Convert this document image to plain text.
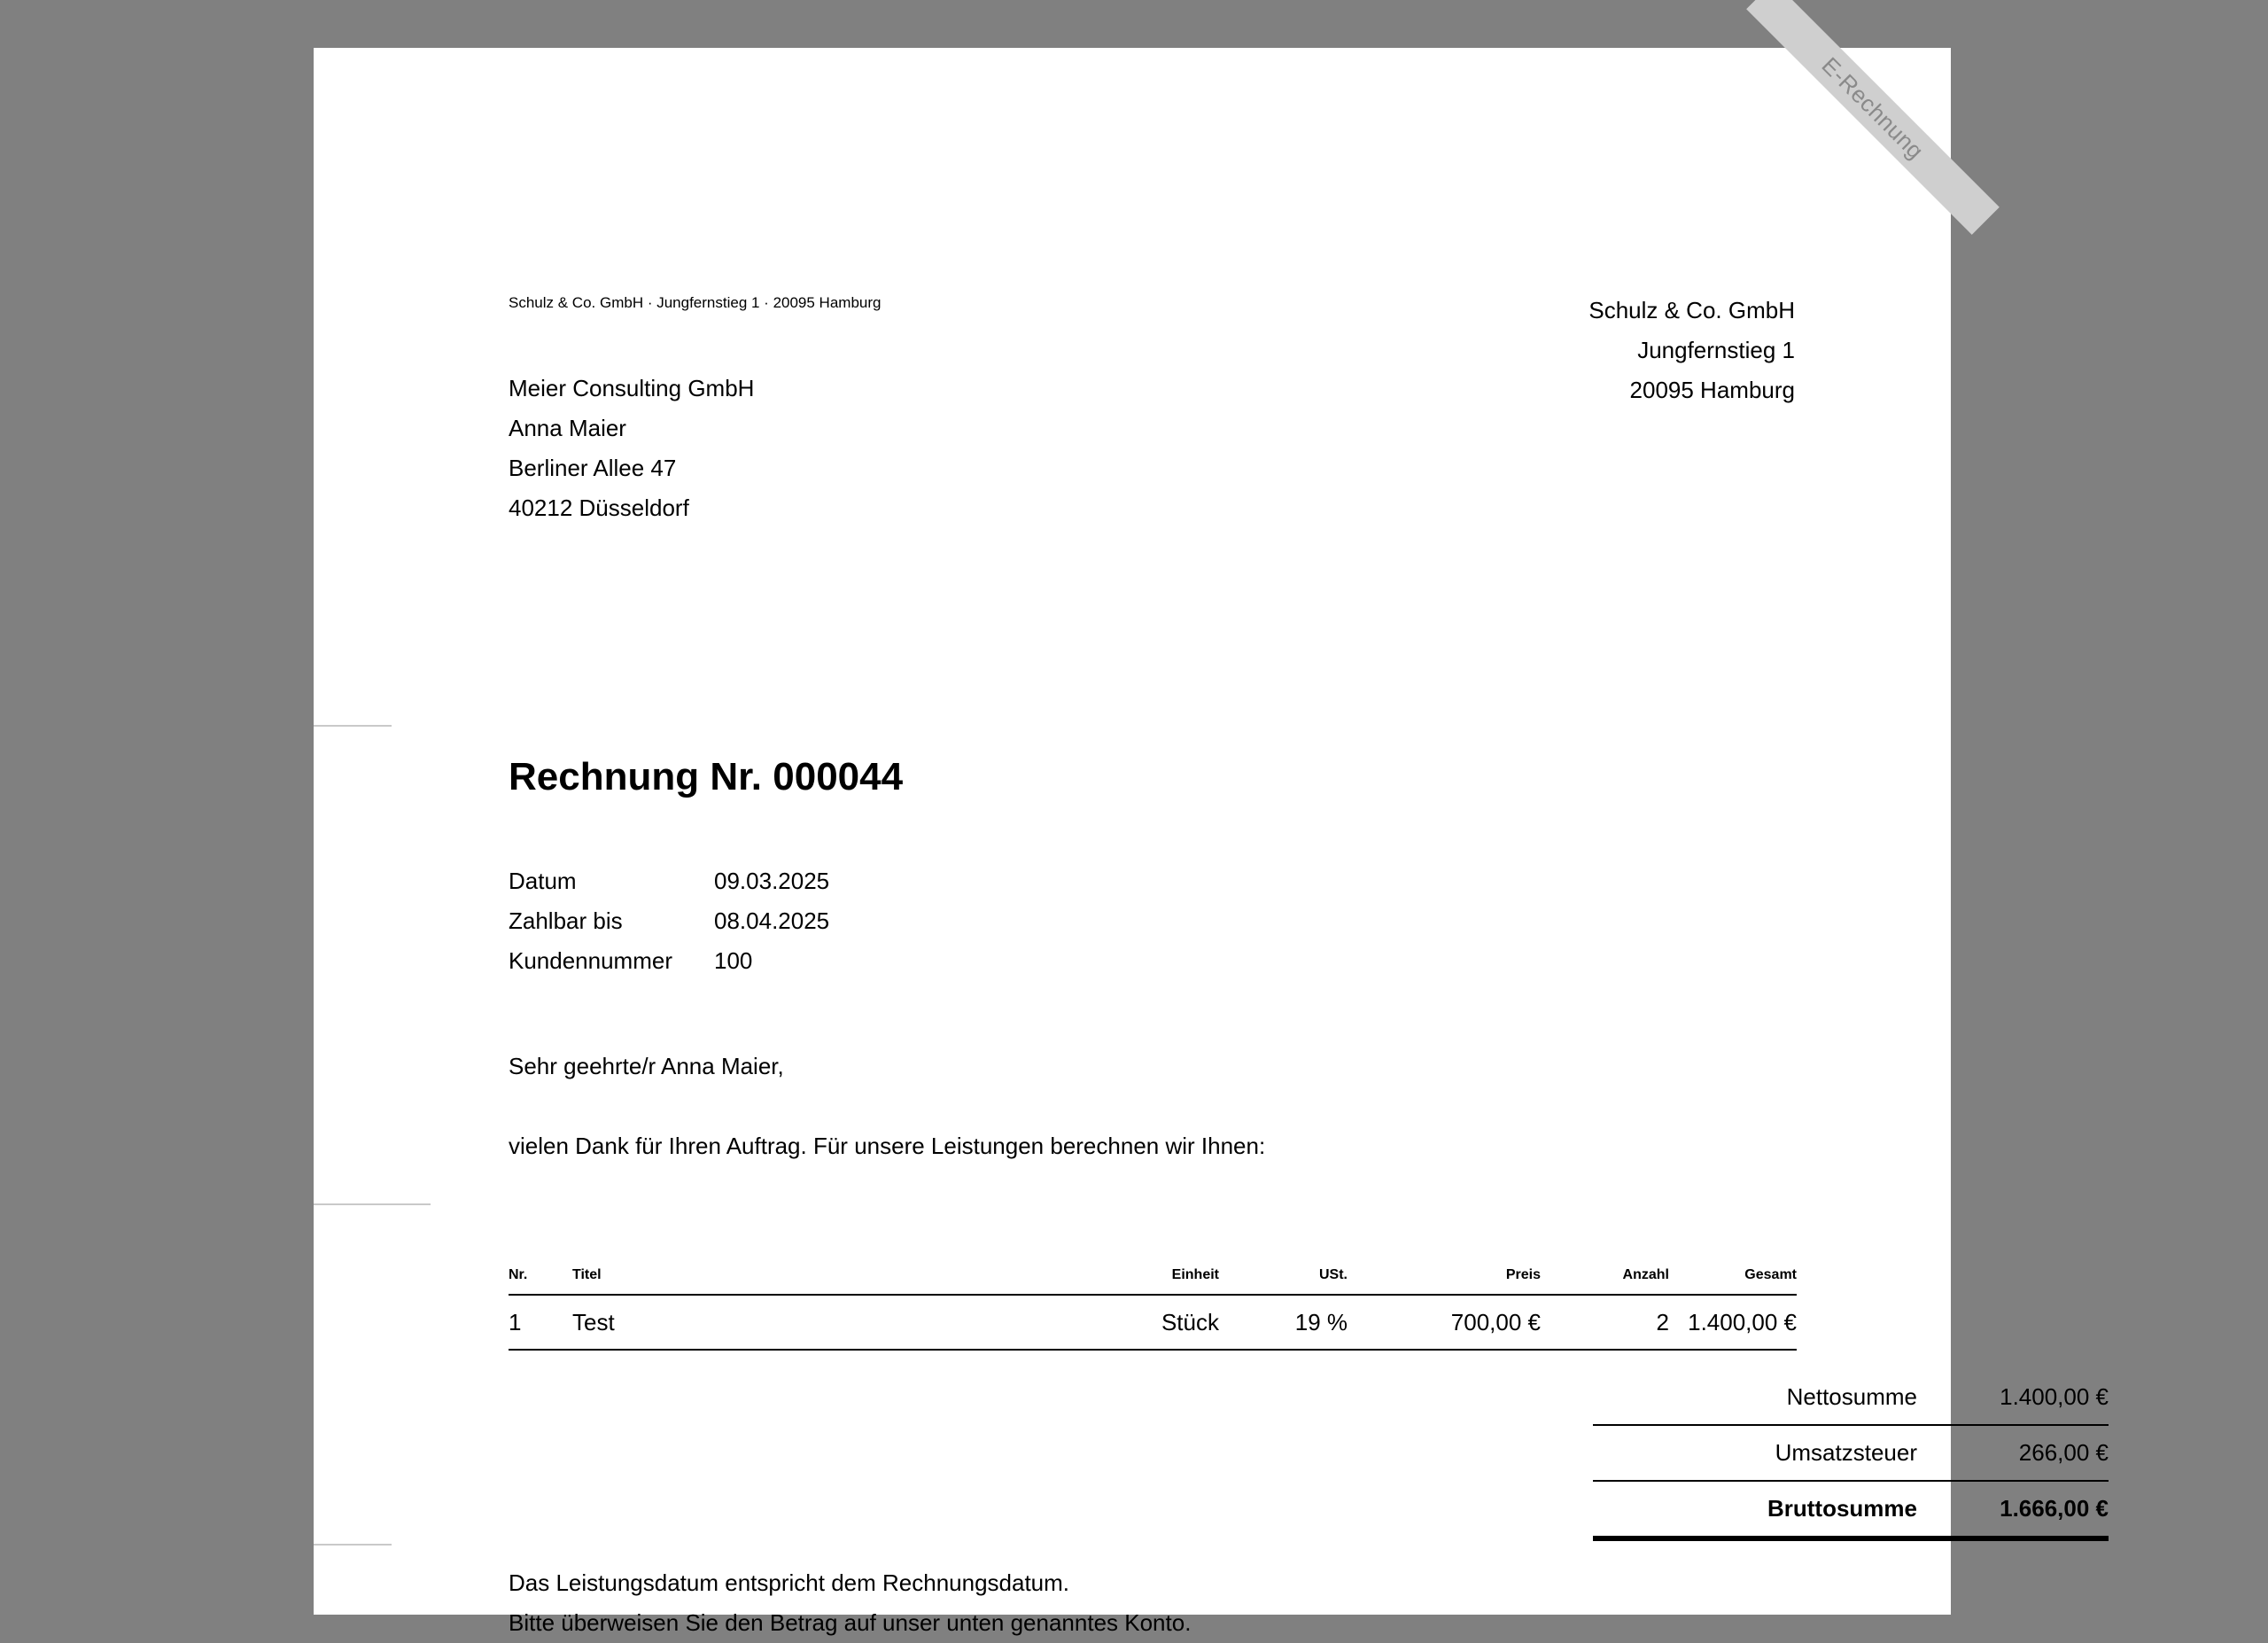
E-Rechnung
Schulz & Co. GmbH · Jungfernstieg 1 · 20095 Hamburg	Schulz & Co. GmbH
Jungfernstieg 1
20095 Hamburg
Meier Consulting GmbH
Anna Maier
Berliner Allee 47
40212 Düsseldorf
Rechnung Nr. 000044
Datum	09.03.2025
Zahlbar bis	08.04.2025
Kundennummer	100
Sehr geehrte/r Anna Maier,
vielen Dank für Ihren Auftrag. Für unsere Leistungen berechnen wir Ihnen:
Nr.	Titel	Einheit	USt.	Preis	Anzahl	Gesamt
1	Test	Stück	19 %	700,00 €	2	1.400,00 €
Nettosumme	1.400,00 €
Umsatzsteuer	266,00 €
Bruttosumme	1.666,00 €
Das Leistungsdatum entspricht dem Rechnungsdatum.
Bitte überweisen Sie den Betrag auf unser unten genanntes Konto.
